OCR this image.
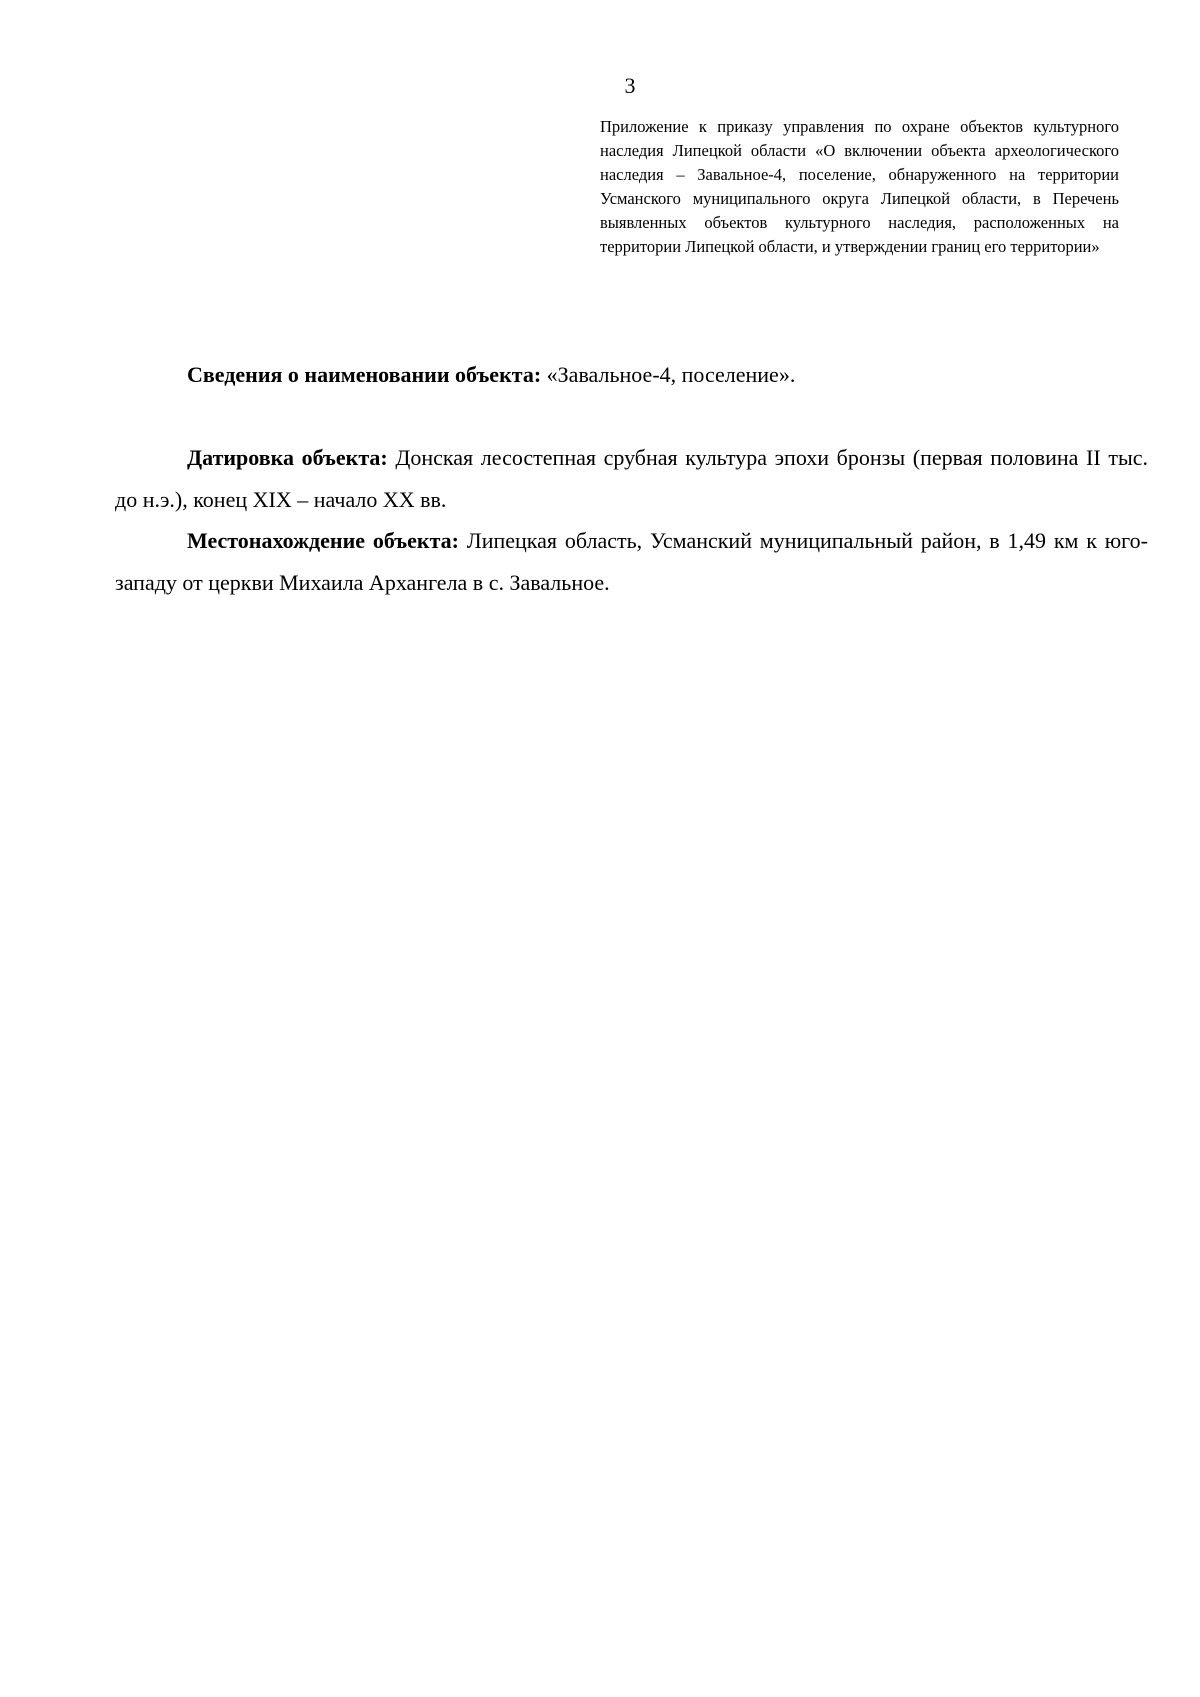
3
Приложение к приказу управления по охране объектов культурного наследия Липецкой области «О включении объекта археологического наследия – Завальное-4, поселение, обнаруженного на территории Усманского муниципального округа Липецкой области, в Перечень выявленных объектов культурного наследия, расположенных на территории Липецкой области, и утверждении границ его территории»

Сведения о наименовании объекта: «Завальное-4, поселение».

Датировка объекта: Донская лесостепная срубная культура эпохи бронзы (первая половина II тыс. до н.э.), конец XIX – начало XX вв.

Местонахождение объекта: Липецкая область, Усманский муниципальный район, в 1,49 км к юго-западу от церкви Михаила Архангела в с. Завальное.
